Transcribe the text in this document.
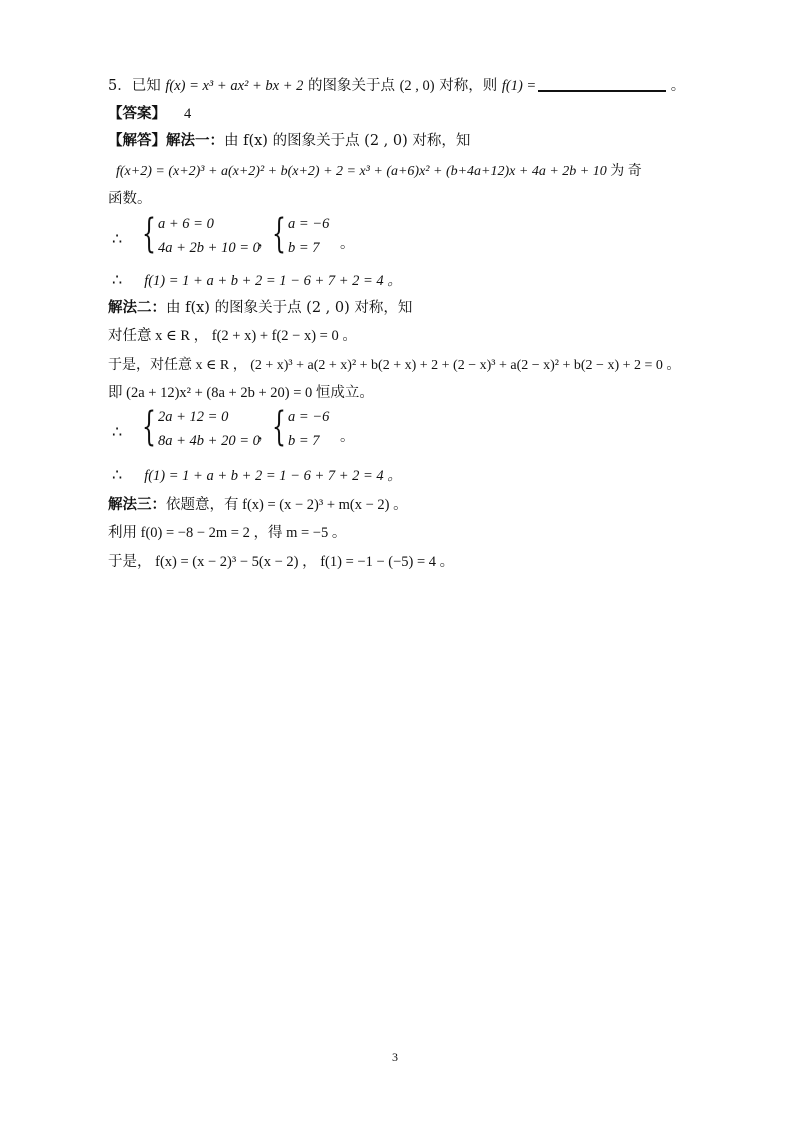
5．已知 f(x) = x³ + ax² + bx + 2 的图象关于点 (2 , 0) 对称，则 f(1) =	。
【答案】 4
【解答】解法一：由 f(x) 的图象关于点 (2 , 0) 对称，知
f(x+2) = (x+2)³ + a(x+2)² + b(x+2) + 2 = x³ + (a+6)x² + (b+4a+12)x + 4a + 2b + 10 为 奇
函数。
∴ { a + 6 = 0
4a + 2b + 10 = 0
， { a = −6
b = 7 。
∴ f(1) = 1 + a + b + 2 = 1 − 6 + 7 + 2 = 4 。
解法二：由 f(x) 的图象关于点 (2 , 0) 对称，知
对任意 x ∈ R ， f(2 + x) + f(2 − x) = 0 。
于是，对任意 x ∈ R ， (2 + x)³ + a(2 + x)² + b(2 + x) + 2 + (2 − x)³ + a(2 − x)² + b(2 − x) + 2 = 0 。
即 (2a + 12)x² + (8a + 2b + 20) = 0 恒成立。
∴ { 2a + 12 = 0
8a + 4b + 20 = 0
， { a = −6
b = 7 。
∴ f(1) = 1 + a + b + 2 = 1 − 6 + 7 + 2 = 4 。
解法三：依题意，有 f(x) = (x − 2)³ + m(x − 2) 。
利用 f(0) = −8 − 2m = 2 ，得 m = −5 。
于是， f(x) = (x − 2)³ − 5(x − 2) ， f(1) = −1 − (−5) = 4 。
3
